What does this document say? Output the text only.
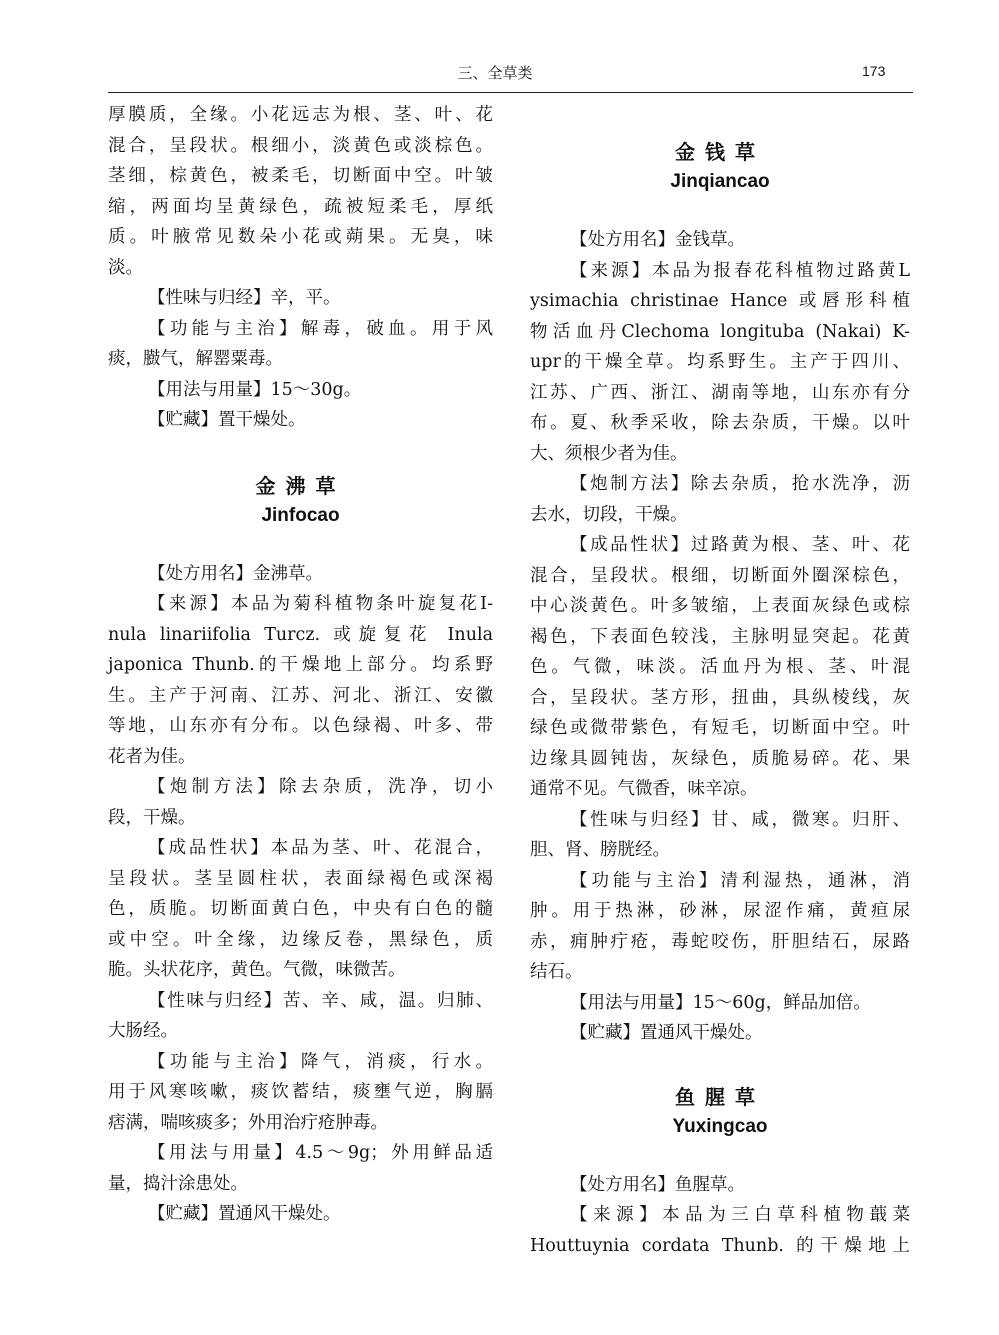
三、全草类	173
厚膜质，全缘。小花远志为根、茎、叶、花
混合，呈段状。根细小，淡黄色或淡棕色。
茎细，棕黄色，被柔毛，切断面中空。叶皱
缩，两面均呈黄绿色，疏被短柔毛，厚纸
质。叶腋常见数朵小花或蒴果。无臭，味
淡。
【性味与归经】辛，平。
【功能与主治】解毒，破血。用于风
痰，臌气，解罂粟毒。
【用法与用量】15～30g。
【贮藏】置干燥处。
金沸草
Jinfocao
【处方用名】金沸草。
【来源】本品为菊科植物条叶旋复花I-
nula linariifolia Turcz. 或旋复花 Inula
japonica Thunb.的干燥地上部分。均系野
生。主产于河南、江苏、河北、浙江、安徽
等地，山东亦有分布。以色绿褐、叶多、带
花者为佳。
【炮制方法】除去杂质，洗净，切小
段，干燥。
【成品性状】本品为茎、叶、花混合，
呈段状。茎呈圆柱状，表面绿褐色或深褐
色，质脆。切断面黄白色，中央有白色的髓
或中空。叶全缘，边缘反卷，黑绿色，质
脆。头状花序，黄色。气微，味微苦。
【性味与归经】苦、辛、咸，温。归肺、
大肠经。
【功能与主治】降气，消痰，行水。
用于风寒咳嗽，痰饮蓄结，痰壅气逆，胸膈
痞满，喘咳痰多；外用治疔疮肿毒。
【用法与用量】4.5～9g；外用鲜品适
量，捣汁涂患处。
【贮藏】置通风干燥处。
金钱草
Jinqiancao
【处方用名】金钱草。
【来源】本品为报春花科植物过路黄L
ysimachia christinae Hance 或唇形科植
物活血丹Clechoma longituba (Nakai) K-
upr的干燥全草。均系野生。主产于四川、
江苏、广西、浙江、湖南等地，山东亦有分
布。夏、秋季采收，除去杂质，干燥。以叶
大、须根少者为佳。
【炮制方法】除去杂质，抢水洗净，沥
去水，切段，干燥。
【成品性状】过路黄为根、茎、叶、花
混合，呈段状。根细，切断面外圈深棕色，
中心淡黄色。叶多皱缩，上表面灰绿色或棕
褐色，下表面色较浅，主脉明显突起。花黄
色。气微，味淡。活血丹为根、茎、叶混
合，呈段状。茎方形，扭曲，具纵棱线，灰
绿色或微带紫色，有短毛，切断面中空。叶
边缘具圆钝齿，灰绿色，质脆易碎。花、果
通常不见。气微香，味辛凉。
【性味与归经】甘、咸，微寒。归肝、
胆、肾、膀胱经。
【功能与主治】清利湿热，通淋，消
肿。用于热淋，砂淋，尿涩作痛，黄疸尿
赤，痈肿疔疮，毒蛇咬伤，肝胆结石，尿路
结石。
【用法与用量】15～60g，鲜品加倍。
【贮藏】置通风干燥处。
鱼腥草
Yuxingcao
【处方用名】鱼腥草。
【来源】本品为三白草科植物蕺菜
Houttuynia cordata Thunb. 的干燥地上
